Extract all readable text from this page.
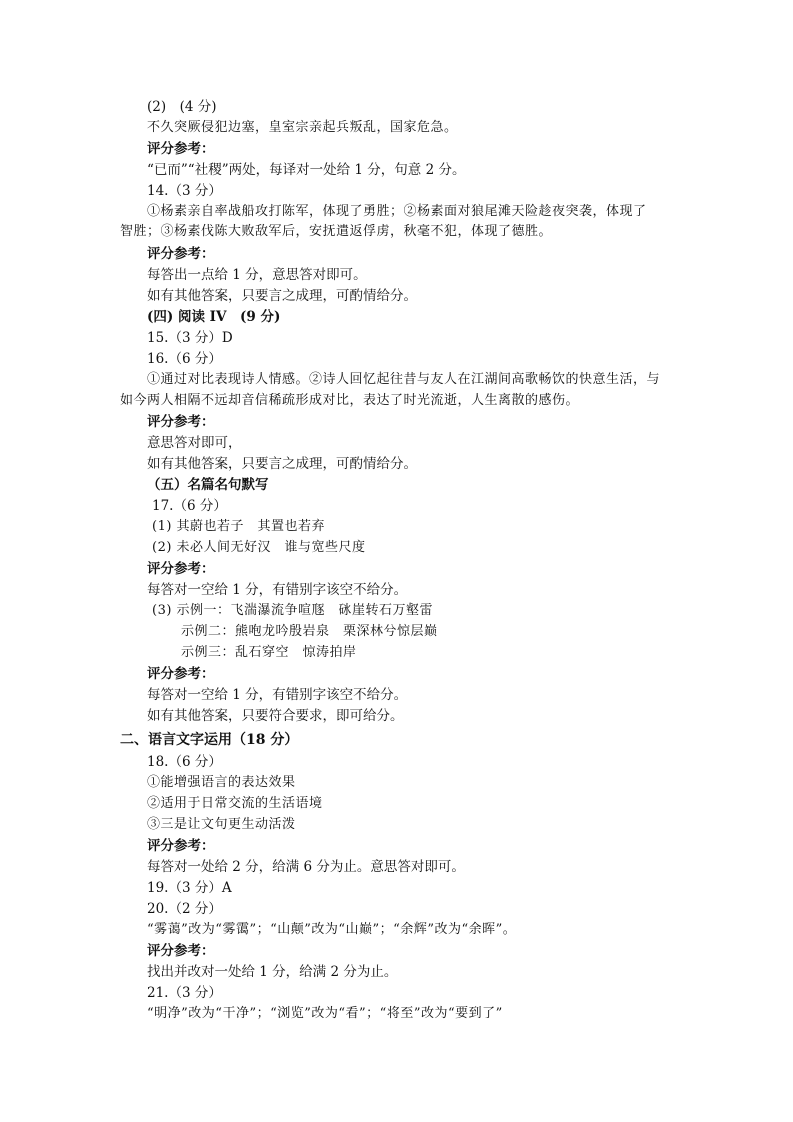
(2)　(4 分)
不久突厥侵犯边塞，皇室宗亲起兵叛乱，国家危急。
评分参考：
“已而”“社稷”两处，每译对一处给 1 分，句意 2 分。
14.（3 分）
①杨素亲自率战船攻打陈军，体现了勇胜；②杨素面对狼尾滩天险趁夜突袭，体现了
智胜；③杨素伐陈大败敌军后，安抚遣返俘虏，秋毫不犯，体现了德胜。
评分参考：
每答出一点给 1 分，意思答对即可。
如有其他答案，只要言之成理，可酌情给分。
(四) 阅读 IV　(9 分)
15.（3 分）D
16.（6 分）
①通过对比表现诗人情感。②诗人回忆起往昔与友人在江湖间高歌畅饮的快意生活，与
如今两人相隔不远却音信稀疏形成对比，表达了时光流逝，人生离散的感伤。
评分参考：
意思答对即可，
如有其他答案，只要言之成理，可酌情给分。
（五）名篇名句默写
17.（6 分）
(1) 其蔚也若子　其置也若弃
(2) 未必人间无好汉　谁与宽些尺度
评分参考：
每答对一空给 1 分，有错别字该空不给分。
(3) 示例一：飞湍瀑流争喧豗　砯崖转石万壑雷
示例二：熊咆龙吟殷岩泉　栗深林兮惊层巅
示例三：乱石穿空　惊涛拍岸
评分参考：
每答对一空给 1 分，有错别字该空不给分。
如有其他答案，只要符合要求，即可给分。
二、语言文字运用（18 分）
18.（6 分）
①能增强语言的表达效果
②适用于日常交流的生活语境
③三是让文句更生动活泼
评分参考：
每答对一处给 2 分，给满 6 分为止。意思答对即可。
19.（3 分）A
20.（2 分）
“雾蔼”改为“雾霭”；“山颠”改为“山巅”；“余辉”改为“余晖”。
评分参考：
找出并改对一处给 1 分，给满 2 分为止。
21.（3 分）
“明净”改为“干净”；“浏览”改为“看”；“将至”改为“要到了”
